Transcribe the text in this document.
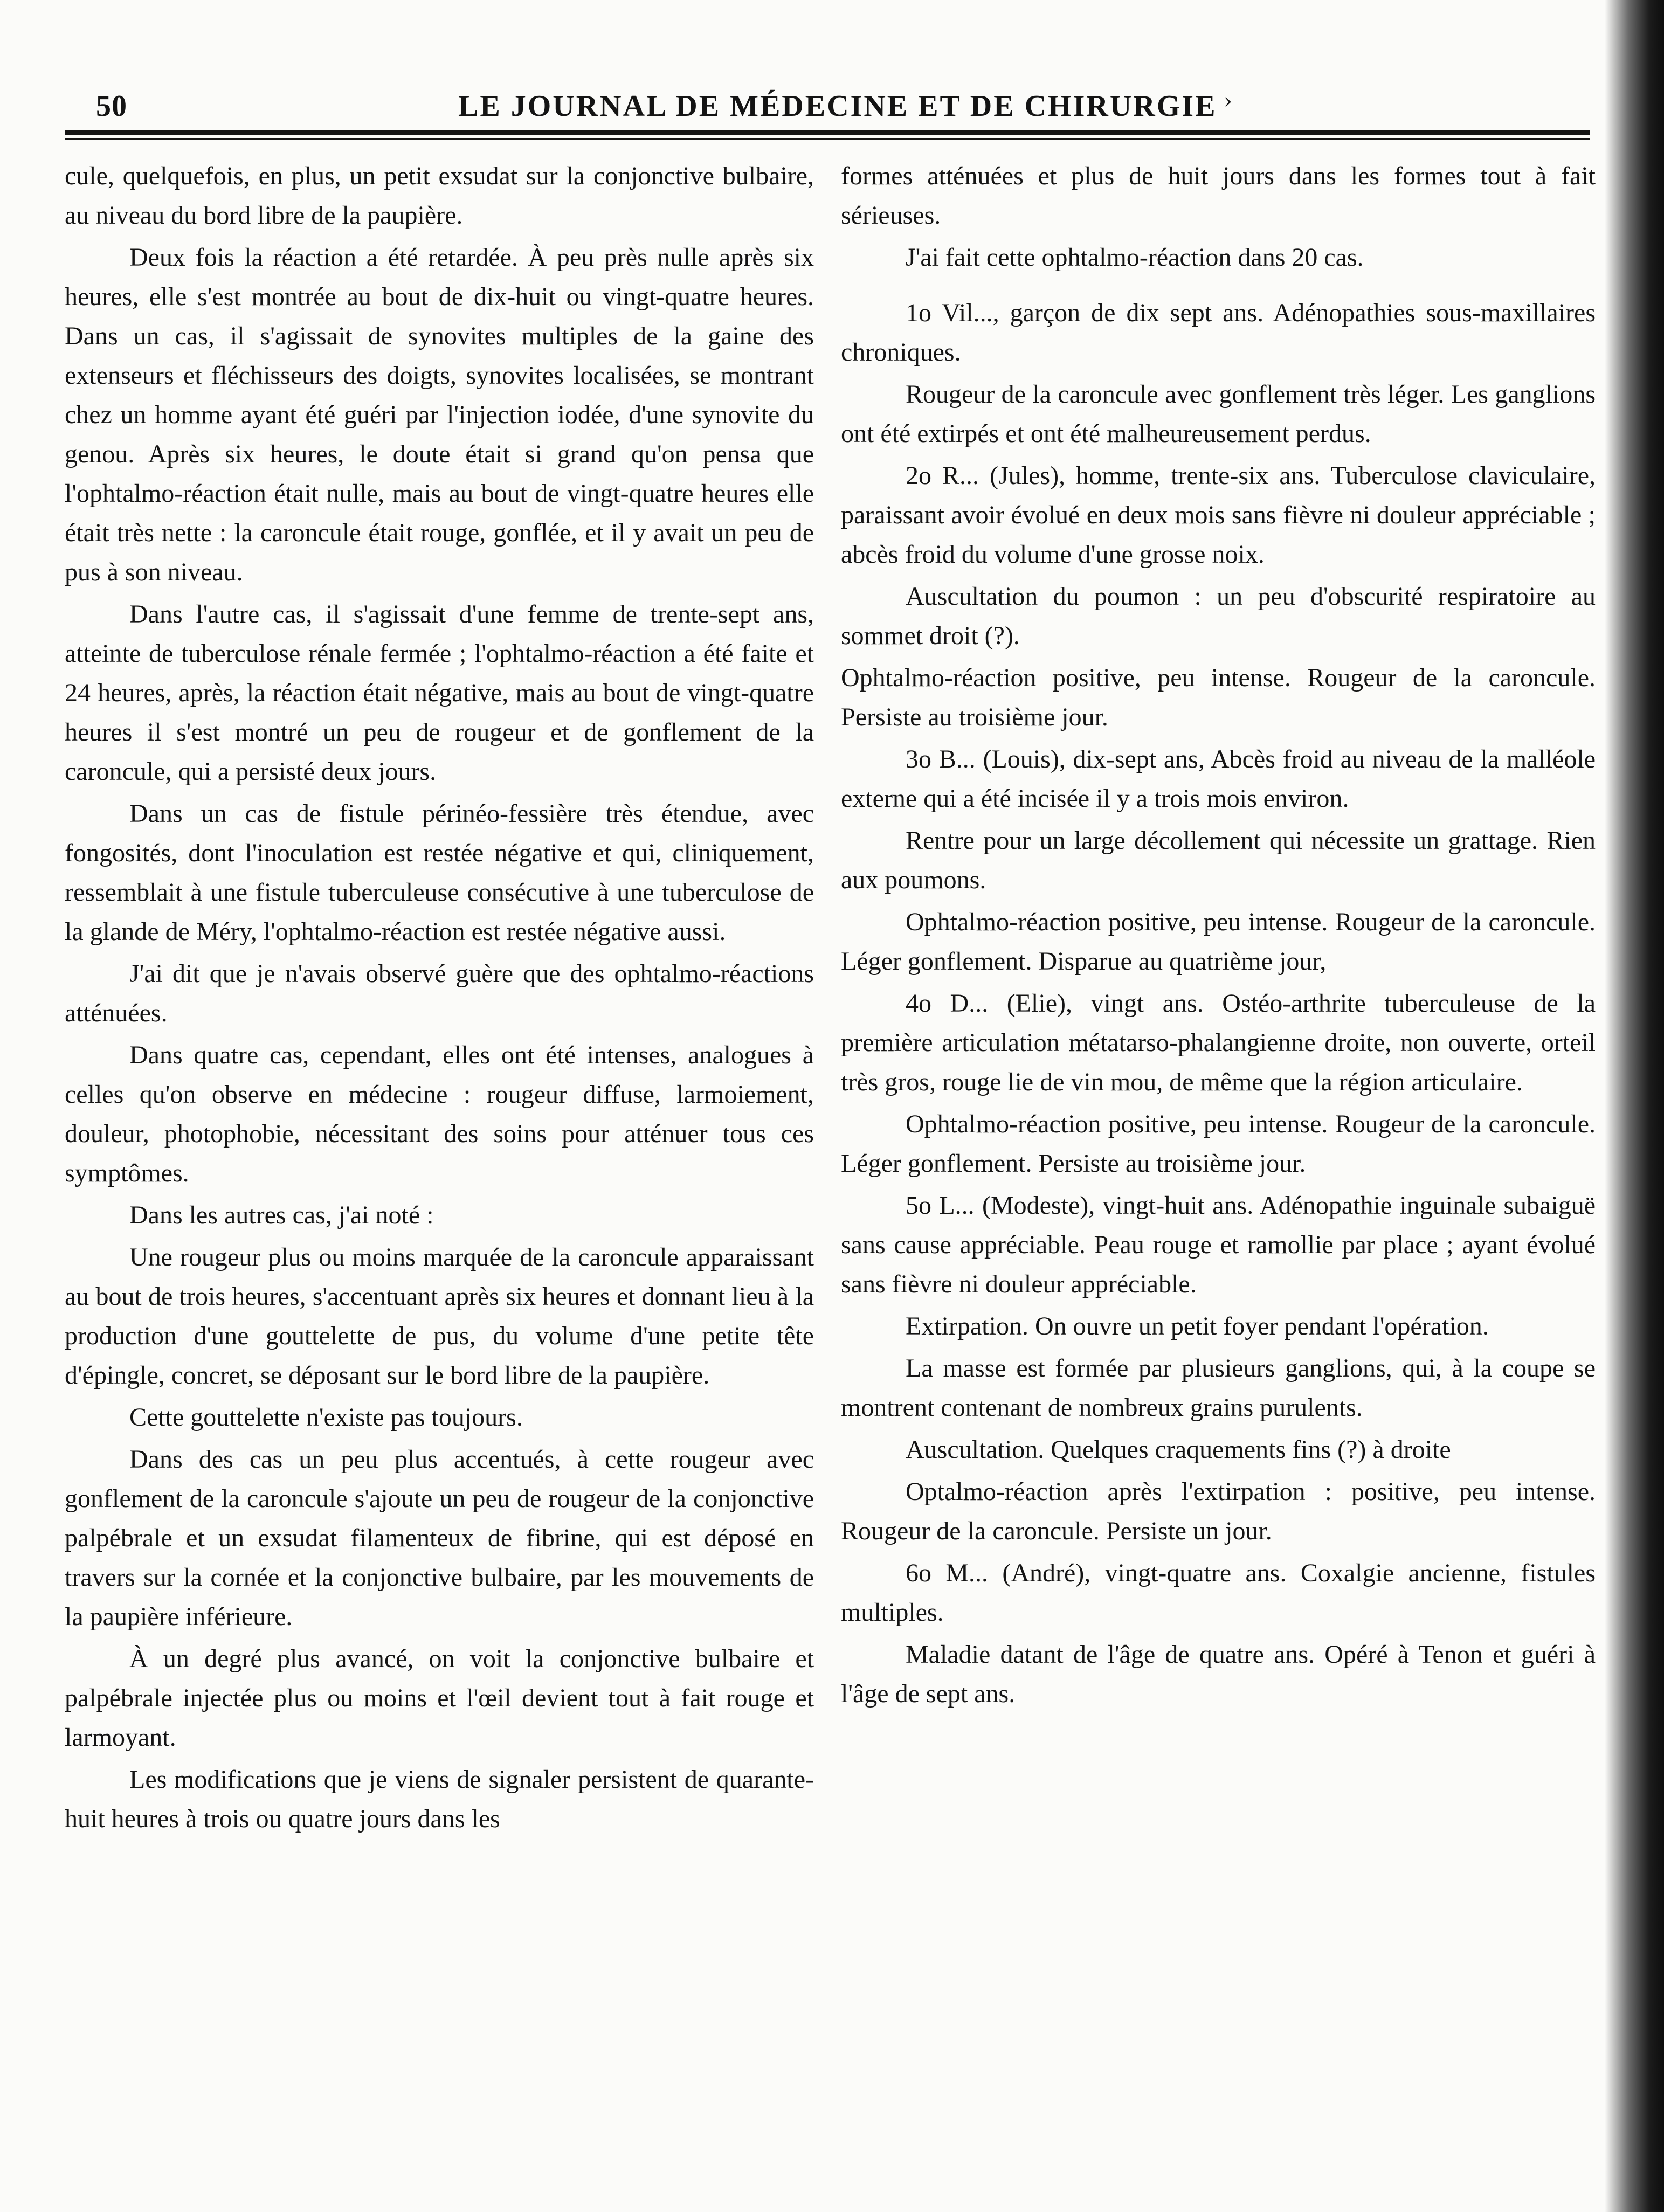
50	LE JOURNAL DE MÉDECINE ET DE CHIRURGIE ›

cule, quelquefois, en plus, un petit exsudat sur la conjonctive bulbaire, au niveau du bord libre de la paupière.

Deux fois la réaction a été retardée. À peu près nulle après six heures, elle s'est montrée au bout de dix-huit ou vingt-quatre heures. Dans un cas, il s'agissait de synovites multiples de la gaine des extenseurs et fléchisseurs des doigts, synovites localisées, se montrant chez un homme ayant été guéri par l'injection iodée, d'une synovite du genou. Après six heures, le doute était si grand qu'on pensa que l'ophtalmo-réaction était nulle, mais au bout de vingt-quatre heures elle était très nette : la caroncule était rouge, gonflée, et il y avait un peu de pus à son niveau.

Dans l'autre cas, il s'agissait d'une femme de trente-sept ans, atteinte de tuberculose rénale fermée ; l'ophtalmo-réaction a été faite et 24 heures, après, la réaction était négative, mais au bout de vingt-quatre heures il s'est montré un peu de rougeur et de gonflement de la caroncule, qui a persisté deux jours.

Dans un cas de fistule périnéo-fessière très étendue, avec fongosités, dont l'inoculation est restée négative et qui, cliniquement, ressemblait à une fistule tuberculeuse consécutive à une tuberculose de la glande de Méry, l'ophtalmo-réaction est restée négative aussi.

J'ai dit que je n'avais observé guère que des ophtalmo-réactions atténuées.

Dans quatre cas, cependant, elles ont été intenses, analogues à celles qu'on observe en médecine : rougeur diffuse, larmoiement, douleur, photophobie, nécessitant des soins pour atténuer tous ces symptômes.

Dans les autres cas, j'ai noté :

Une rougeur plus ou moins marquée de la caroncule apparaissant au bout de trois heures, s'accentuant après six heures et donnant lieu à la production d'une gouttelette de pus, du volume d'une petite tête d'épingle, concret, se déposant sur le bord libre de la paupière.

Cette gouttelette n'existe pas toujours.

Dans des cas un peu plus accentués, à cette rougeur avec gonflement de la caroncule s'ajoute un peu de rougeur de la conjonctive palpébrale et un exsudat filamenteux de fibrine, qui est déposé en travers sur la cornée et la conjonctive bulbaire, par les mouvements de la paupière inférieure.

À un degré plus avancé, on voit la conjonctive bulbaire et palpébrale injectée plus ou moins et l'œil devient tout à fait rouge et larmoyant.

Les modifications que je viens de signaler persistent de quarante-huit heures à trois ou quatre jours dans les

formes atténuées et plus de huit jours dans les formes tout à fait sérieuses.

J'ai fait cette ophtalmo-réaction dans 20 cas.

1o Vil..., garçon de dix sept ans. Adénopathies sous-maxillaires chroniques.

Rougeur de la caroncule avec gonflement très léger. Les ganglions ont été extirpés et ont été malheureusement perdus.

2o R... (Jules), homme, trente-six ans. Tuberculose claviculaire, paraissant avoir évolué en deux mois sans fièvre ni douleur appréciable ; abcès froid du volume d'une grosse noix.

Auscultation du poumon : un peu d'obscurité respiratoire au sommet droit (?).

Ophtalmo-réaction positive, peu intense. Rougeur de la caroncule. Persiste au troisième jour.

3o B... (Louis), dix-sept ans, Abcès froid au niveau de la malléole externe qui a été incisée il y a trois mois environ.

Rentre pour un large décollement qui nécessite un grattage. Rien aux poumons.

Ophtalmo-réaction positive, peu intense. Rougeur de la caroncule. Léger gonflement. Disparue au quatrième jour,

4o D... (Elie), vingt ans. Ostéo-arthrite tuberculeuse de la première articulation métatarso-phalangienne droite, non ouverte, orteil très gros, rouge lie de vin mou, de même que la région articulaire.

Ophtalmo-réaction positive, peu intense. Rougeur de la caroncule. Léger gonflement. Persiste au troisième jour.

5o L... (Modeste), vingt-huit ans. Adénopathie inguinale subaiguë sans cause appréciable. Peau rouge et ramollie par place ; ayant évolué sans fièvre ni douleur appréciable.

Extirpation. On ouvre un petit foyer pendant l'opération.

La masse est formée par plusieurs ganglions, qui, à la coupe se montrent contenant de nombreux grains purulents.

Auscultation. Quelques craquements fins (?) à droite

Optalmo-réaction après l'extirpation : positive, peu intense. Rougeur de la caroncule. Persiste un jour.

6o M... (André), vingt-quatre ans. Coxalgie ancienne, fistules multiples.

Maladie datant de l'âge de quatre ans. Opéré à Tenon et guéri à l'âge de sept ans.
